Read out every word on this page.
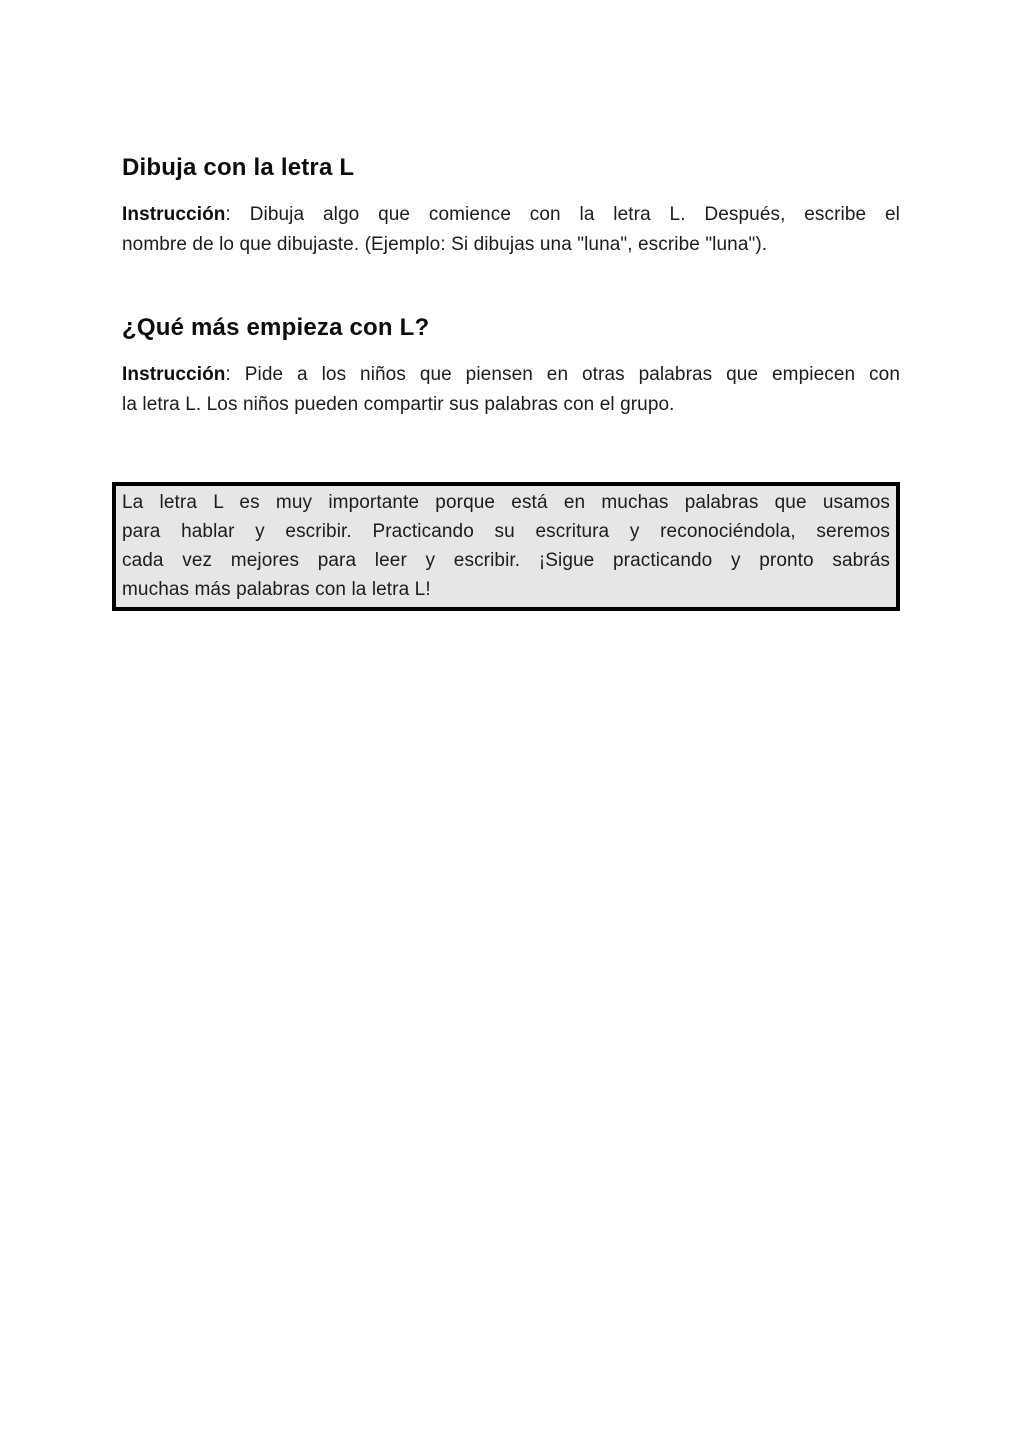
Dibuja con la letra L
Instrucción: Dibuja algo que comience con la letra L. Después, escribe el
nombre de lo que dibujaste. (Ejemplo: Si dibujas una "luna", escribe "luna").
¿Qué más empieza con L?
Instrucción: Pide a los niños que piensen en otras palabras que empiecen con
la letra L. Los niños pueden compartir sus palabras con el grupo.
La letra L es muy importante porque está en muchas palabras que usamos
para hablar y escribir. Practicando su escritura y reconociéndola, seremos
cada vez mejores para leer y escribir. ¡Sigue practicando y pronto sabrás
muchas más palabras con la letra L!
